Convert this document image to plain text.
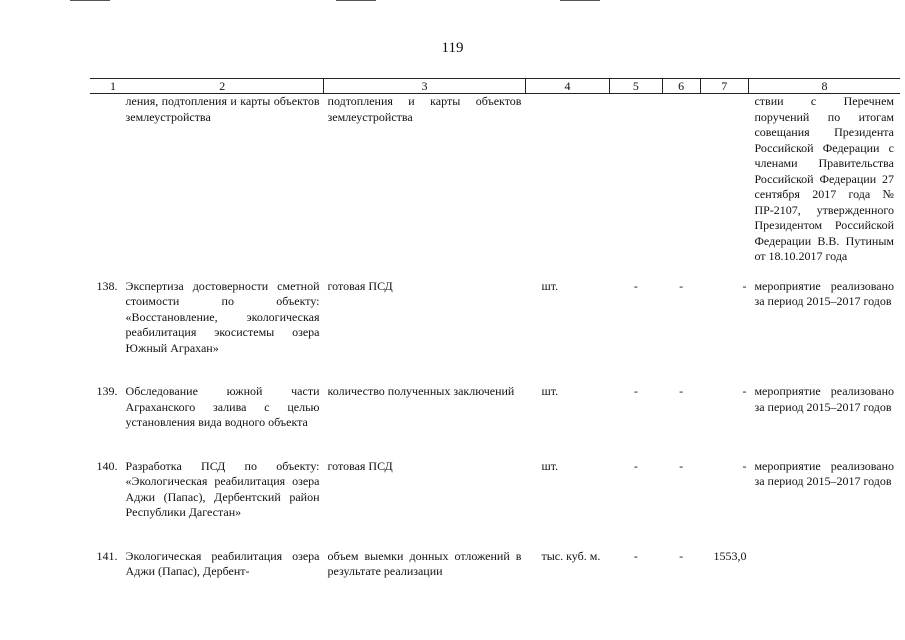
119
1	2	3	4	5	6	7	8
	ления, подтопления и карты объектов землеустройства	подтопления и карты объектов землеустройства					ствии с Перечнем поручений по итогам совещания Президента Российской Федерации с членами Правительства Российской Федерации 27 сентября 2017 года № ПР-2107, утвержденного Президентом Российской Федерации В.В. Путиным от 18.10.2017 года
138.	Экспертиза достоверности сметной стоимости по объекту: «Восстановление, экологическая реабилитация экосистемы озера Южный Аграхан»	готовая ПСД	шт.	-	-	-	мероприятие реализовано за период 2015–2017 годов
139.	Обследование южной части Аграханского залива с целью установления вида водного объекта	количество полученных заключений	шт.	-	-	-	мероприятие реализовано за период 2015–2017 годов
140.	Разработка ПСД по объекту: «Экологическая реабилитация озера Аджи (Папас), Дербентский район Республики Дагестан»	готовая ПСД	шт.	-	-	-	мероприятие реализовано за период 2015–2017 годов
141.	Экологическая реабилитация озера Аджи (Папас), Дербент-	объем выемки донных отложений в результате реализации	тыс. куб. м.	-	-	1553,0	
